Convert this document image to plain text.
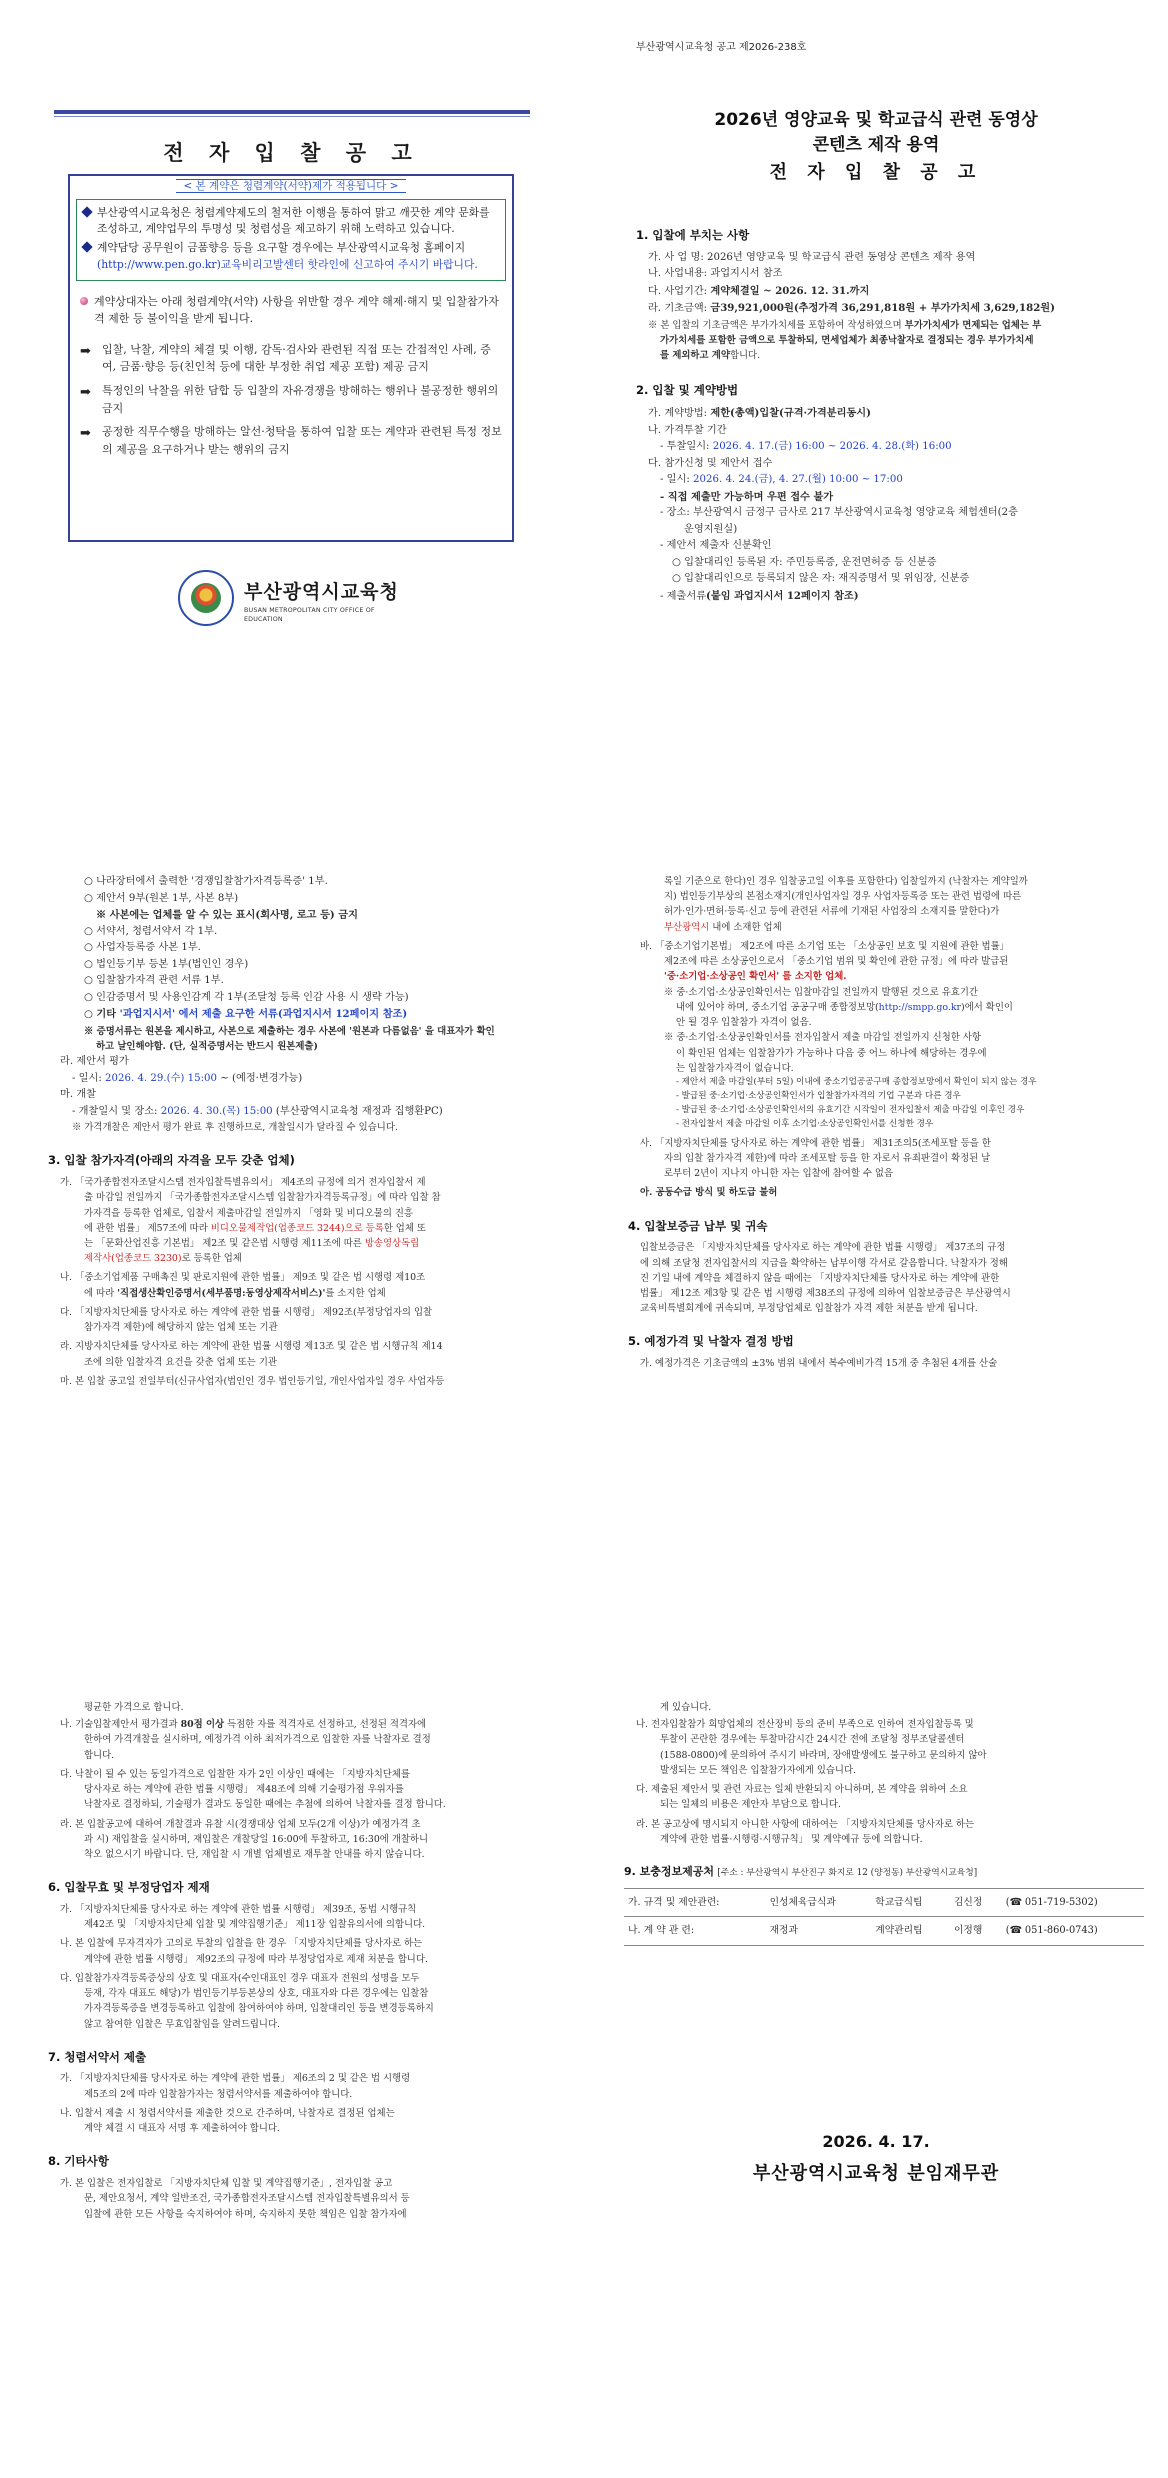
전 자 입 찰 공 고
< 본 계약은 청렴계약(서약)제가 적용됩니다 >
부산광역시교육청은 청렴계약제도의 철저한 이행을 통하여 맑고 깨끗한 계약 문화를 조성하고, 계약업무의 투명성 및 청렴성을 제고하기 위해 노력하고 있습니다.
계약담당 공무원이 금품향응 등을 요구할 경우에는 부산광역시교육청 홈페이지
(http://www.pen.go.kr)교육비리고발센터 핫라인에 신고하여 주시기 바랍니다.
계약상대자는 아래 청렴계약(서약) 사항을 위반할 경우 계약 해제·해지 및 입찰참가자격 제한 등 불이익을 받게 됩니다.
➡ 입찰, 낙찰, 계약의 체결 및 이행, 감독·검사와 관련된 직접 또는 간접적인 사례, 증여, 금품·향응 등(친인척 등에 대한 부정한 취업 제공 포함) 제공 금지
➡ 특정인의 낙찰을 위한 담합 등 입찰의 자유경쟁을 방해하는 행위나 불공정한 행위의 금지
➡ 공정한 직무수행을 방해하는 알선·청탁을 통하여 입찰 또는 계약과 관련된 특정 정보의 제공을 요구하거나 받는 행위의 금지
부산광역시교육청
BUSAN METROPOLITAN CITY OFFICE OF EDUCATION
부산광역시교육청 공고 제2026-238호
2026년 영양교육 및 학교급식 관련 동영상
콘텐츠 제작 용역
전 자 입 찰 공 고
1. 입찰에 부치는 사항
가. 사 업 명: 2026년 영양교육 및 학교급식 관련 동영상 콘텐츠 제작 용역
나. 사업내용: 과업지시서 참조
다. 사업기간: 계약체결일 ~ 2026. 12. 31.까지
라. 기초금액: 금39,921,000원(추정가격 36,291,818원 + 부가가치세 3,629,182원)
※ 본 입찰의 기초금액은 부가가치세를 포함하여 작성하였으며 부가가치세가 면제되는 업체는 부
가가치세를 포함한 금액으로 투찰하되, 면세업체가 최종낙찰자로 결정되는 경우 부가가치세
를 제외하고 계약합니다.
2. 입찰 및 계약방법
가. 계약방법: 제한(총액)입찰(규격·가격분리동시)
나. 가격투찰 기간
- 투찰일시: 2026. 4. 17.(금) 16:00 ~ 2026. 4. 28.(화) 16:00
다. 참가신청 및 제안서 접수
- 일시: 2026. 4. 24.(금), 4. 27.(월) 10:00 ~ 17:00
- 직접 제출만 가능하며 우편 접수 불가
- 장소: 부산광역시 금정구 금사로 217 부산광역시교육청 영양교육 체험센터(2층
운영지원실)
- 제안서 제출자 신분확인
○ 입찰대리인 등록된 자: 주민등록증, 운전면허증 등 신분증
○ 입찰대리인으로 등록되지 않은 자: 재직증명서 및 위임장, 신분증
- 제출서류(붙임 과업지시서 12페이지 참조)
○ 나라장터에서 출력한 '경쟁입찰참가자격등록증' 1부.
○ 제안서 9부(원본 1부, 사본 8부)
※ 사본에는 업체를 알 수 있는 표시(회사명, 로고 등) 금지
○ 서약서, 청렴서약서 각 1부.
○ 사업자등록증 사본 1부.
○ 법인등기부 등본 1부(법인인 경우)
○ 입찰참가자격 관련 서류 1부.
○ 인감증명서 및 사용인감계 각 1부(조달청 등록 인감 사용 시 생략 가능)
○ 기타 '과업지시서' 에서 제출 요구한 서류(과업지시서 12페이지 참조)
※ 증명서류는 원본을 제시하고, 사본으로 제출하는 경우 사본에 '원본과 다름없음' 을 대표자가 확인
하고 날인해야함. (단, 실적증명서는 반드시 원본제출)
라. 제안서 평가
- 일시: 2026. 4. 29.(수) 15:00 ~ (예정·변경가능)
마. 개찰
- 개찰일시 및 장소: 2026. 4. 30.(목) 15:00 (부산광역시교육청 재정과 집행환PC)
※ 가격개찰은 제안서 평가 완료 후 진행하므로, 개찰일시가 달라질 수 있습니다.
3. 입찰 참가자격(아래의 자격을 모두 갖춘 업체)
가. 「국가종합전자조달시스템 전자입찰특별유의서」 제4조의 규정에 의거 전자입찰서 제
출 마감일 전일까지 「국가종합전자조달시스템 입찰참가자격등록규정」에 따라 입찰 참
가자격을 등록한 업체로, 입찰서 제출마감일 전일까지 「영화 및 비디오물의 진흥
에 관한 법률」 제57조에 따라 비디오물제작업(업종코드 3244)으로 등록한 업체 또
는 「문화산업진흥 기본법」 제2조 및 같은법 시행령 제11조에 따른 방송영상독립
제작사(업종코드 3230)로 등록한 업체
나. 「중소기업제품 구매촉진 및 판로지원에 관한 법률」 제9조 및 같은 법 시행령 제10조
에 따라 '직접생산확인증명서(세부품명:동영상제작서비스)'를 소지한 업체
다. 「지방자치단체를 당사자로 하는 계약에 관한 법률 시행령」 제92조(부정당업자의 입찰
참가자격 제한)에 해당하지 않는 업체 또는 기관
라. 지방자치단체를 당사자로 하는 계약에 관한 법률 시행령 제13조 및 같은 법 시행규칙 제14
조에 의한 입찰자격 요건을 갖춘 업체 또는 기관
마. 본 입찰 공고일 전일부터(신규사업자(법인인 경우 법인등기일, 개인사업자일 경우 사업자등
록일 기준으로 한다)인 경우 입찰공고일 이후를 포함한다) 입찰일까지 (낙찰자는 계약일까
지) 법인등기부상의 본점소재지(개인사업자일 경우 사업자등록증 또는 관련 법령에 따른
허가·인가·면허·등록·신고 등에 관련된 서류에 기재된 사업장의 소재지를 말한다)가
부산광역시 내에 소재한 업체
바. 「중소기업기본법」 제2조에 따른 소기업 또는 「소상공인 보호 및 지원에 관한 법률」
제2조에 따른 소상공인으로서 「중소기업 범위 및 확인에 관한 규정」에 따라 발급된
'중·소기업·소상공인 확인서' 를 소지한 업체.
※ 중·소기업·소상공인확인서는 입찰마감일 전일까지 발행된 것으로 유효기간
내에 있어야 하며, 중소기업 공공구매 종합정보망(http://smpp.go.kr)에서 확인이
안 될 경우 입찰참가 자격이 없음.
※ 중·소기업·소상공인확인서를 전자입찰서 제출 마감일 전일까지 신청한 사항
이 확인된 업체는 입찰참가가 가능하나 다음 중 어느 하나에 해당하는 경우에
는 입찰참가자격이 없습니다.
- 제안서 제출 마감일(부터 5일) 이내에 중소기업공공구매 종합정보망에서 확인이 되지 않는 경우
- 발급된 중·소기업·소상공인확인서가 입찰참가자격의 기업 구분과 다른 경우
- 발급된 중·소기업·소상공인확인서의 유효기간 시작일이 전자입찰서 제출 마감일 이후인 경우
- 전자입찰서 제출 마감일 이후 소기업·소상공인확인서를 신청한 경우
사. 「지방자치단체를 당사자로 하는 계약에 관한 법률」 제31조의5(조세포탈 등을 한
자의 입찰 참가자격 제한)에 따라 조세포탈 등을 한 자로서 유죄판결이 확정된 날
로부터 2년이 지나지 아니한 자는 입찰에 참여할 수 없음
아. 공동수급 방식 및 하도급 불허
4. 입찰보증금 납부 및 귀속
입찰보증금은 「지방자치단체를 당사자로 하는 계약에 관한 법률 시행령」 제37조의 규정
에 의해 조달청 전자입찰서의 지급을 확약하는 납부이행 각서로 갈음합니다. 낙찰자가 정해
진 기일 내에 계약을 체결하지 않을 때에는 「지방자치단체를 당사자로 하는 계약에 관한
법률」 제12조 제3항 및 같은 법 시행령 제38조의 규정에 의하여 입찰보증금은 부산광역시
교육비특별회계에 귀속되며, 부정당업체로 입찰참가 자격 제한 처분을 받게 됩니다.
5. 예정가격 및 낙찰자 결정 방법
가. 예정가격은 기초금액의 ±3% 범위 내에서 복수예비가격 15개 중 추첨된 4개를 산술
평균한 가격으로 합니다.
나. 기술입찰제안서 평가결과 80점 이상 득점한 자를 적격자로 선정하고, 선정된 적격자에
한하여 가격개찰을 실시하며, 예정가격 이하 최저가격으로 입찰한 자를 낙찰자로 결정
합니다.
다. 낙찰이 될 수 있는 동일가격으로 입찰한 자가 2인 이상인 때에는 「지방자치단체를
당사자로 하는 계약에 관한 법률 시행령」 제48조에 의해 기술평가점 우위자를
낙찰자로 결정하되, 기술평가 결과도 동일한 때에는 추첨에 의하여 낙찰자를 결정 합니다.
라. 본 입찰공고에 대하여 개찰결과 유찰 시(경쟁대상 업체 모두(2개 이상)가 예정가격 초
과 시) 재입찰을 실시하며, 재입찰은 개찰당일 16:00에 투찰하고, 16:30에 개찰하니
착오 없으시기 바랍니다. 단, 재입찰 시 개별 업체별로 재투찰 안내를 하지 않습니다.
6. 입찰무효 및 부정당업자 제재
가. 「지방자치단체를 당사자로 하는 계약에 관한 법률 시행령」 제39조, 동법 시행규칙
제42조 및 「지방자치단체 입찰 및 계약집행기준」 제11장 입찰유의서에 의합니다.
나. 본 입찰에 무자격자가 고의로 투찰의 입찰을 한 경우 「지방자치단체를 당사자로 하는
계약에 관한 법률 시행령」 제92조의 규정에 따라 부정당업자로 제재 처분을 합니다.
다. 입찰참가자격등록증상의 상호 및 대표자(수인대표인 경우 대표자 전원의 성명을 모두
등재, 각자 대표도 해당)가 법인등기부등본상의 상호, 대표자와 다른 경우에는 입찰참
가자격등록증을 변경등록하고 입찰에 참여하여야 하며, 입찰대리인 등을 변경등록하지
않고 참여한 입찰은 무효입찰임을 알려드립니다.
7. 청렴서약서 제출
가. 「지방자치단체를 당사자로 하는 계약에 관한 법률」 제6조의 2 및 같은 법 시행령
제5조의 2에 따라 입찰참가자는 청렴서약서를 제출하여야 합니다.
나. 입찰서 제출 시 청렴서약서를 제출한 것으로 간주하며, 낙찰자로 결정된 업체는
계약 체결 시 대표자 서명 후 제출하여야 합니다.
8. 기타사항
가. 본 입찰은 전자입찰로 「지방자치단체 입찰 및 계약집행기준」, 전자입찰 공고
문, 제안요청서, 계약 일반조건, 국가종합전자조달시스템 전자입찰특별유의서 등
입찰에 관한 모든 사항을 숙지하여야 하며, 숙지하지 못한 책임은 입찰 참가자에
게 있습니다.
나. 전자입찰참가 희망업체의 전산장비 등의 준비 부족으로 인하여 전자입찰등록 및
투찰이 곤란한 경우에는 투찰마감시간 24시간 전에 조달청 정부조달콜센터
(1588-0800)에 문의하여 주시기 바라며, 장애발생에도 불구하고 문의하지 않아
발생되는 모든 책임은 입찰참가자에게 있습니다.
다. 제출된 제안서 및 관련 자료는 일체 반환되지 아니하며, 본 계약을 위하여 소요
되는 일체의 비용은 제안자 부담으로 합니다.
라. 본 공고상에 명시되지 아니한 사항에 대하여는 「지방자치단체를 당사자로 하는
계약에 관한 법률·시행령·시행규칙」 및 계약예규 등에 의합니다.
9. 보충정보제공처 [주소 : 부산광역시 부산진구 화지로 12 (양정동) 부산광역시교육청]
가. 규격 및 제안관련:	인성체육급식과	학교급식팀	김신정	(☎ 051-719-5302)
나. 계 약 관 련:	재정과	계약관리팀	이정행	(☎ 051-860-0743)
2026. 4. 17.
부산광역시교육청 분임재무관
